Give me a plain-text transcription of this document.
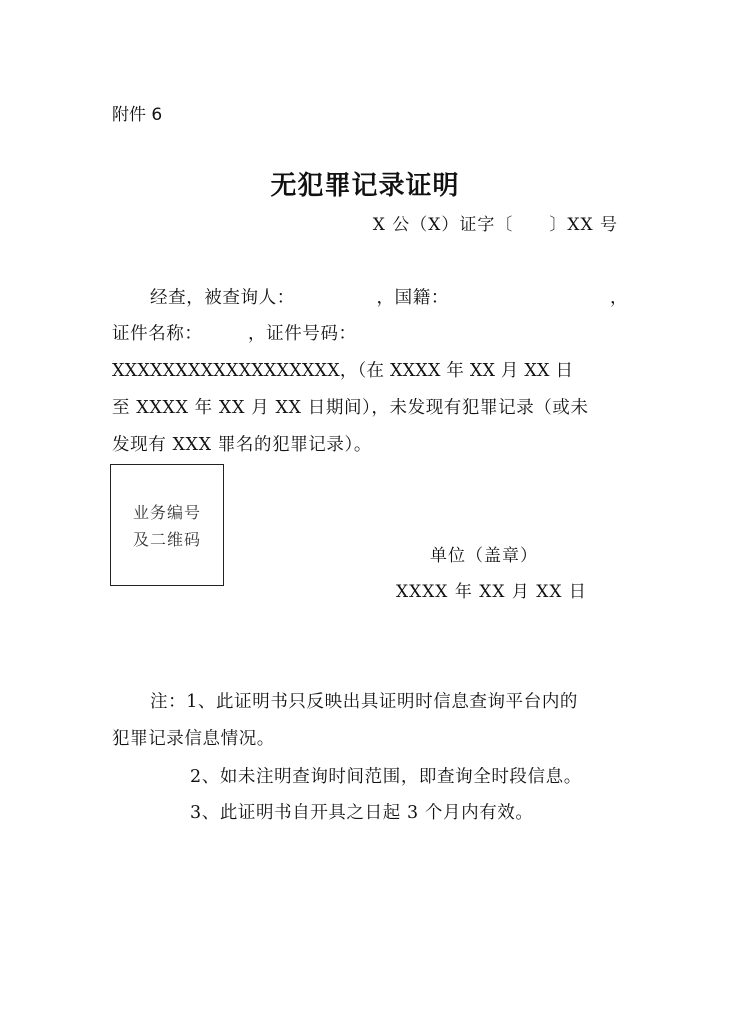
附件 6

无犯罪记录证明

X 公（X）证字〔　　〕XX 号

经查，被查询人：　　　　　，国籍：	，

证件名称：　　　，证件号码：

XXXXXXXXXXXXXXXXXX，（在 XXXX 年 XX 月 XX 日

至 XXXX 年 XX 月 XX 日期间），未发现有犯罪记录（或未

发现有 XXX 罪名的犯罪记录）。

业务编号
及二维码

单位（盖章）

XXXX 年 XX 月 XX 日

注：1、此证明书只反映出具证明时信息查询平台内的

犯罪记录信息情况。

2、如未注明查询时间范围，即查询全时段信息。

3、此证明书自开具之日起 3 个月内有效。
